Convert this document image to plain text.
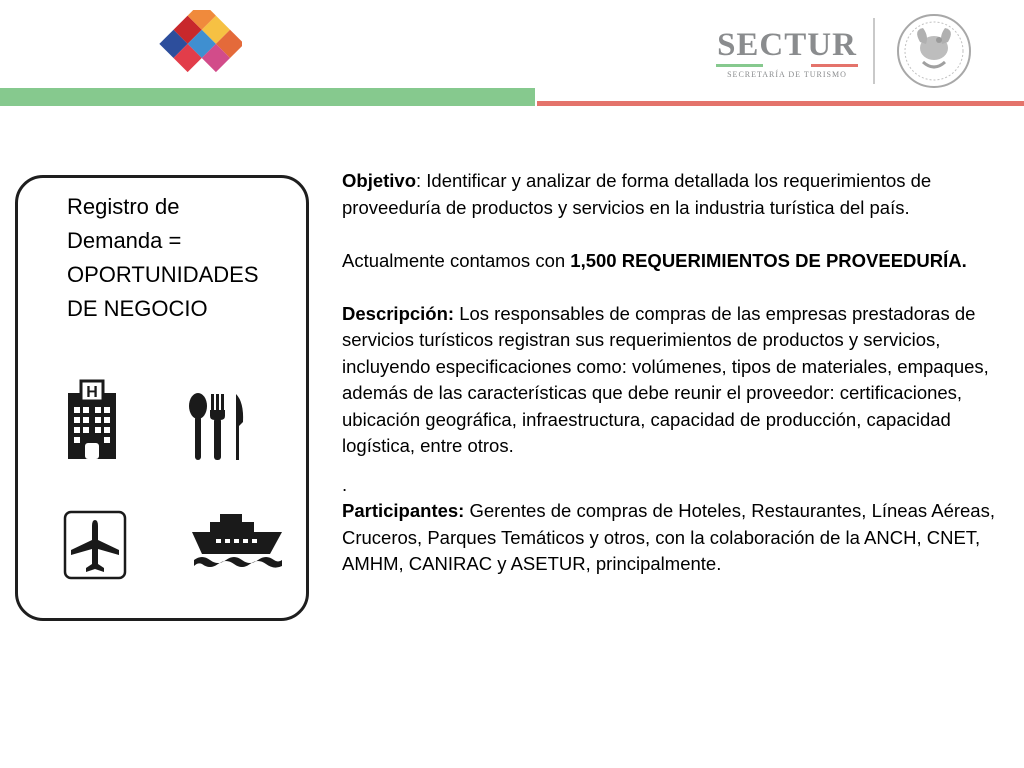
SECTUR
SECRETARÍA DE TURISMO
Registro de
Demanda =
OPORTUNIDADES
DE NEGOCIO
H

Objetivo: Identificar y analizar de forma detallada los requerimientos de proveeduría de productos y servicios en la industria turística del país.

Actualmente contamos con 1,500 REQUERIMIENTOS DE PROVEEDURÍA.

Descripción: Los responsables de compras de las empresas prestadoras de servicios turísticos registran sus requerimientos de productos y servicios, incluyendo especificaciones como: volúmenes, tipos de materiales, empaques, además de las características que debe reunir el proveedor: certificaciones, ubicación geográfica, infraestructura, capacidad de producción, capacidad logística, entre otros.

.

Participantes: Gerentes de compras de Hoteles, Restaurantes, Líneas Aéreas, Cruceros, Parques Temáticos y otros, con la colaboración de la ANCH, CNET, AMHM, CANIRAC y ASETUR, principalmente.
